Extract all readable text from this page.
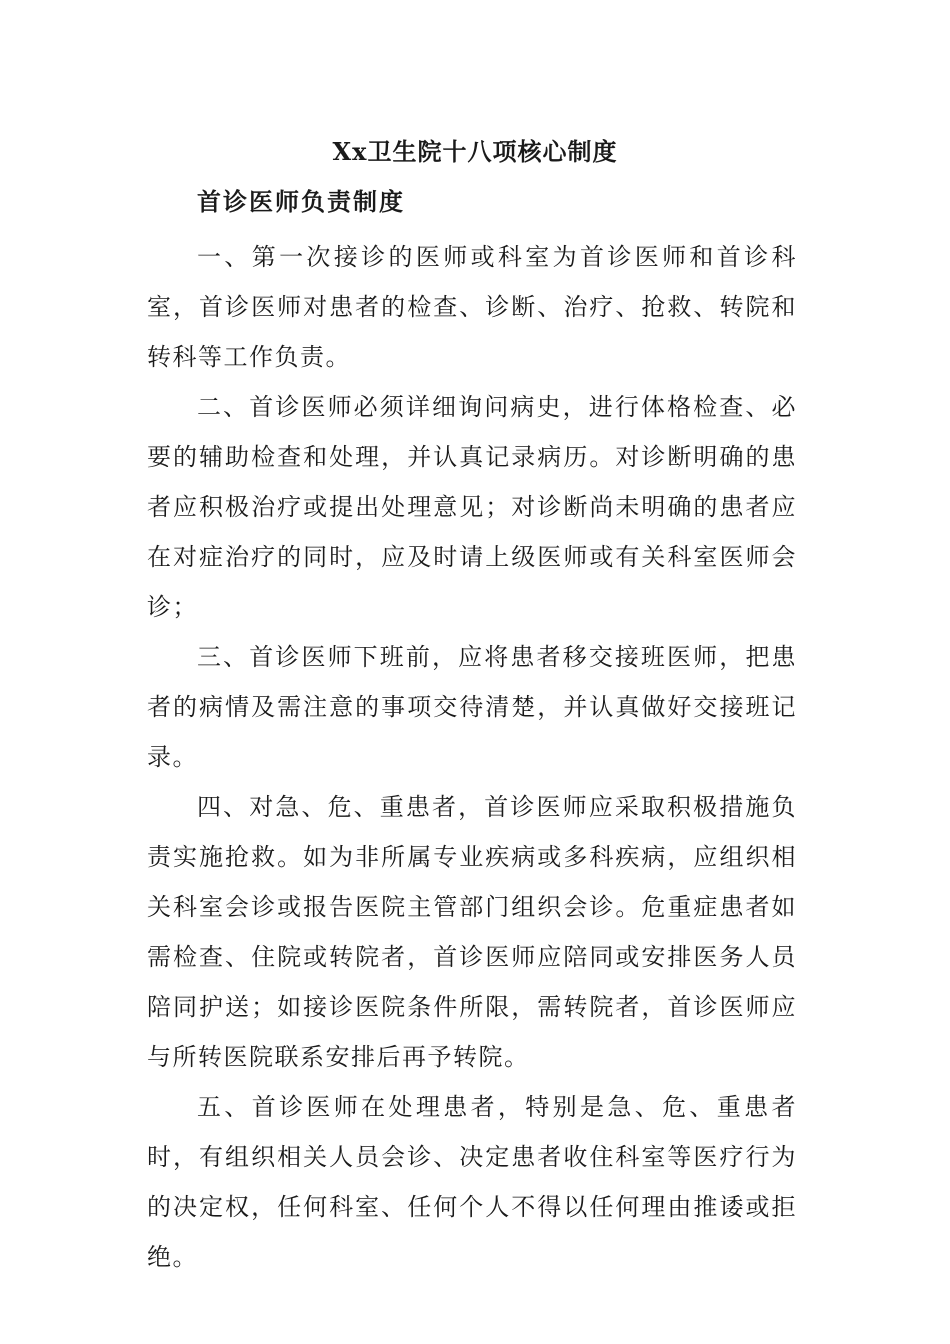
Xx卫生院十八项核心制度
首诊医师负责制度

一、第一次接诊的医师或科室为首诊医师和首诊科室，首诊医师对患者的检查、诊断、治疗、抢救、转院和转科等工作负责。

二、首诊医师必须详细询问病史，进行体格检查、必要的辅助检查和处理，并认真记录病历。对诊断明确的患者应积极治疗或提出处理意见；对诊断尚未明确的患者应在对症治疗的同时，应及时请上级医师或有关科室医师会诊；

三、首诊医师下班前，应将患者移交接班医师，把患者的病情及需注意的事项交待清楚，并认真做好交接班记录。

四、对急、危、重患者，首诊医师应采取积极措施负责实施抢救。如为非所属专业疾病或多科疾病，应组织相关科室会诊或报告医院主管部门组织会诊。危重症患者如需检查、住院或转院者，首诊医师应陪同或安排医务人员陪同护送；如接诊医院条件所限，需转院者，首诊医师应与所转医院联系安排后再予转院。

五、首诊医师在处理患者，特别是急、危、重患者时，有组织相关人员会诊、决定患者收住科室等医疗行为的决定权，任何科室、任何个人不得以任何理由推诿或拒绝。
